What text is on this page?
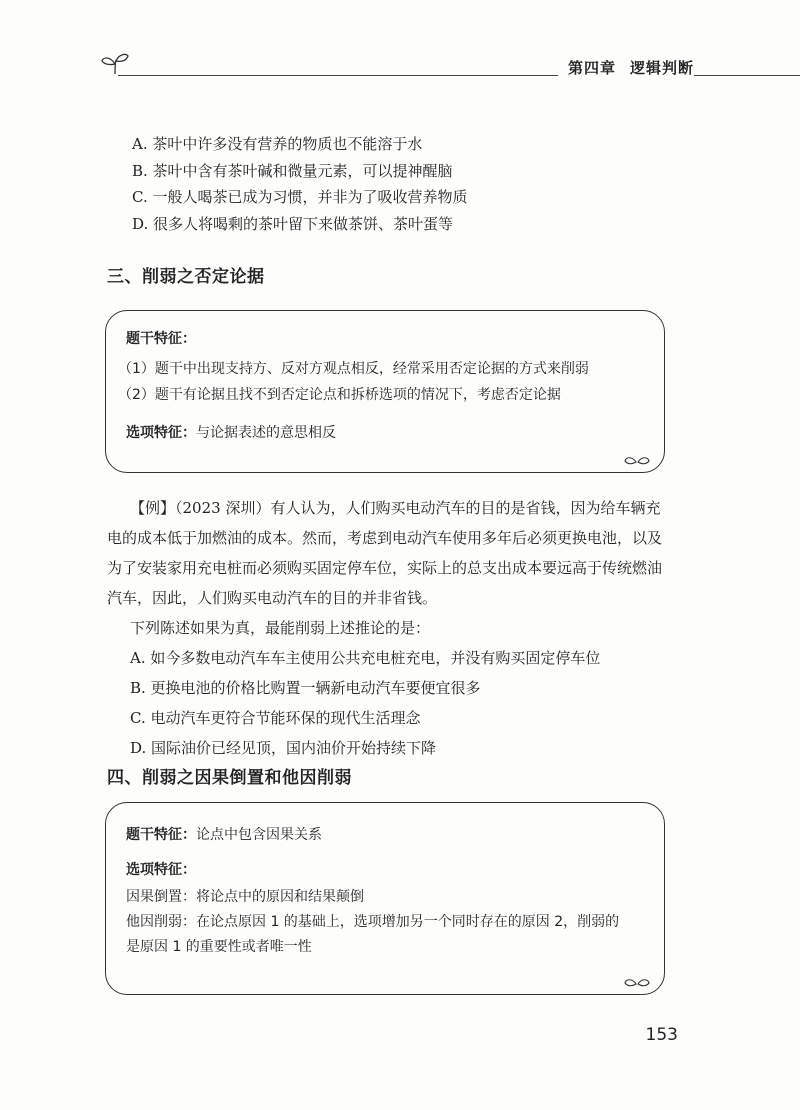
第四章 逻辑判断
A. 茶叶中许多没有营养的物质也不能溶于水
B. 茶叶中含有茶叶碱和微量元素，可以提神醒脑
C. 一般人喝茶已成为习惯，并非为了吸收营养物质
D. 很多人将喝剩的茶叶留下来做茶饼、茶叶蛋等
三、削弱之否定论据
题干特征：
（1）题干中出现支持方、反对方观点相反，经常采用否定论据的方式来削弱
（2）题干有论据且找不到否定论点和拆桥选项的情况下，考虑否定论据
选项特征：与论据表述的意思相反

【例】（2023 深圳）有人认为，人们购买电动汽车的目的是省钱，因为给车辆充

电的成本低于加燃油的成本。然而，考虑到电动汽车使用多年后必须更换电池，以及

为了安装家用充电桩而必须购买固定停车位，实际上的总支出成本要远高于传统燃油

汽车，因此，人们购买电动汽车的目的并非省钱。

下列陈述如果为真，最能削弱上述推论的是：

A. 如今多数电动汽车车主使用公共充电桩充电，并没有购买固定停车位

B. 更换电池的价格比购置一辆新电动汽车要便宜很多

C. 电动汽车更符合节能环保的现代生活理念

D. 国际油价已经见顶，国内油价开始持续下降

四、削弱之因果倒置和他因削弱
题干特征：论点中包含因果关系
选项特征：
因果倒置：将论点中的原因和结果颠倒
他因削弱：在论点原因 1 的基础上，选项增加另一个同时存在的原因 2，削弱的
是原因 1 的重要性或者唯一性
153
